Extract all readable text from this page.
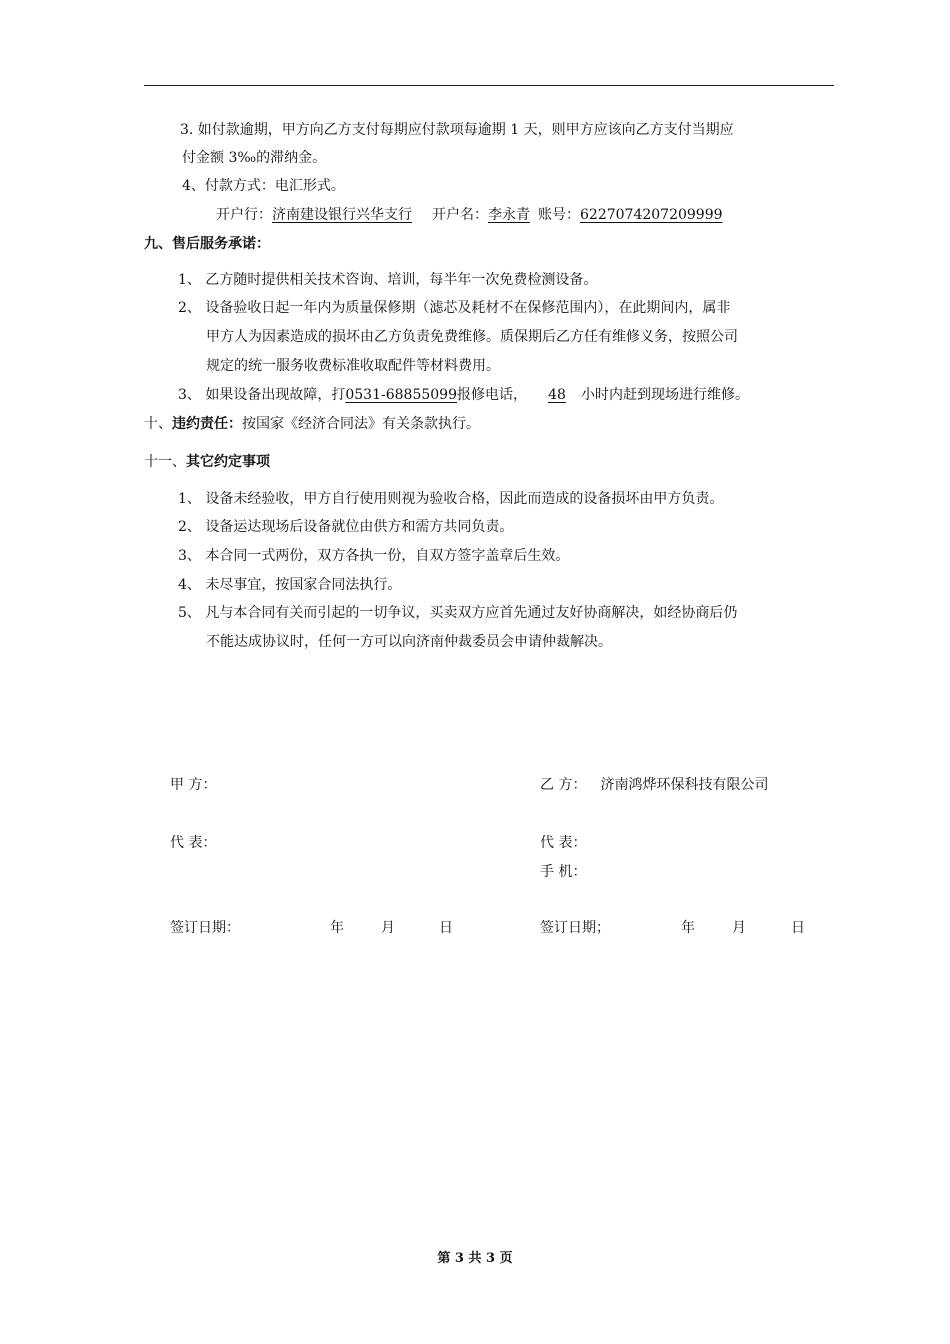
3. 如付款逾期，甲方向乙方支付每期应付款项每逾期 1 天，则甲方应该向乙方支付当期应
付金额 3‰的滞纳金。
4、付款方式：电汇形式。
开户行：济南建设银行兴华支行 开户名：李永青 账号：6227074207209999
九、售后服务承诺：
1、 乙方随时提供相关技术咨询、培训，每半年一次免费检测设备。
2、 设备验收日起一年内为质量保修期（滤芯及耗材不在保修范围内），在此期间内，属非
甲方人为因素造成的损坏由乙方负责免费维修。质保期后乙方任有维修义务，按照公司
规定的统一服务收费标准收取配件等材料费用。
3、 如果设备出现故障，打0531-68855099报修电话， 48 小时内赶到现场进行维修。
十、违约责任：按国家《经济合同法》有关条款执行。
十一、其它约定事项
1、 设备未经验收，甲方自行使用则视为验收合格，因此而造成的设备损坏由甲方负责。
2、 设备运达现场后设备就位由供方和需方共同负责。
3、 本合同一式两份，双方各执一份，自双方签字盖章后生效。
4、 未尽事宜，按国家合同法执行。
5、 凡与本合同有关而引起的一切争议，买卖双方应首先通过友好协商解决，如经协商后仍
不能达成协议时，任何一方可以向济南仲裁委员会申请仲裁解决。
甲 方：	乙 方： 济南鸿烨环保科技有限公司
代 表：	代 表：
手 机：
签订日期：	年	月	日	签订日期；	年	月	日
第 3 共 3 页
